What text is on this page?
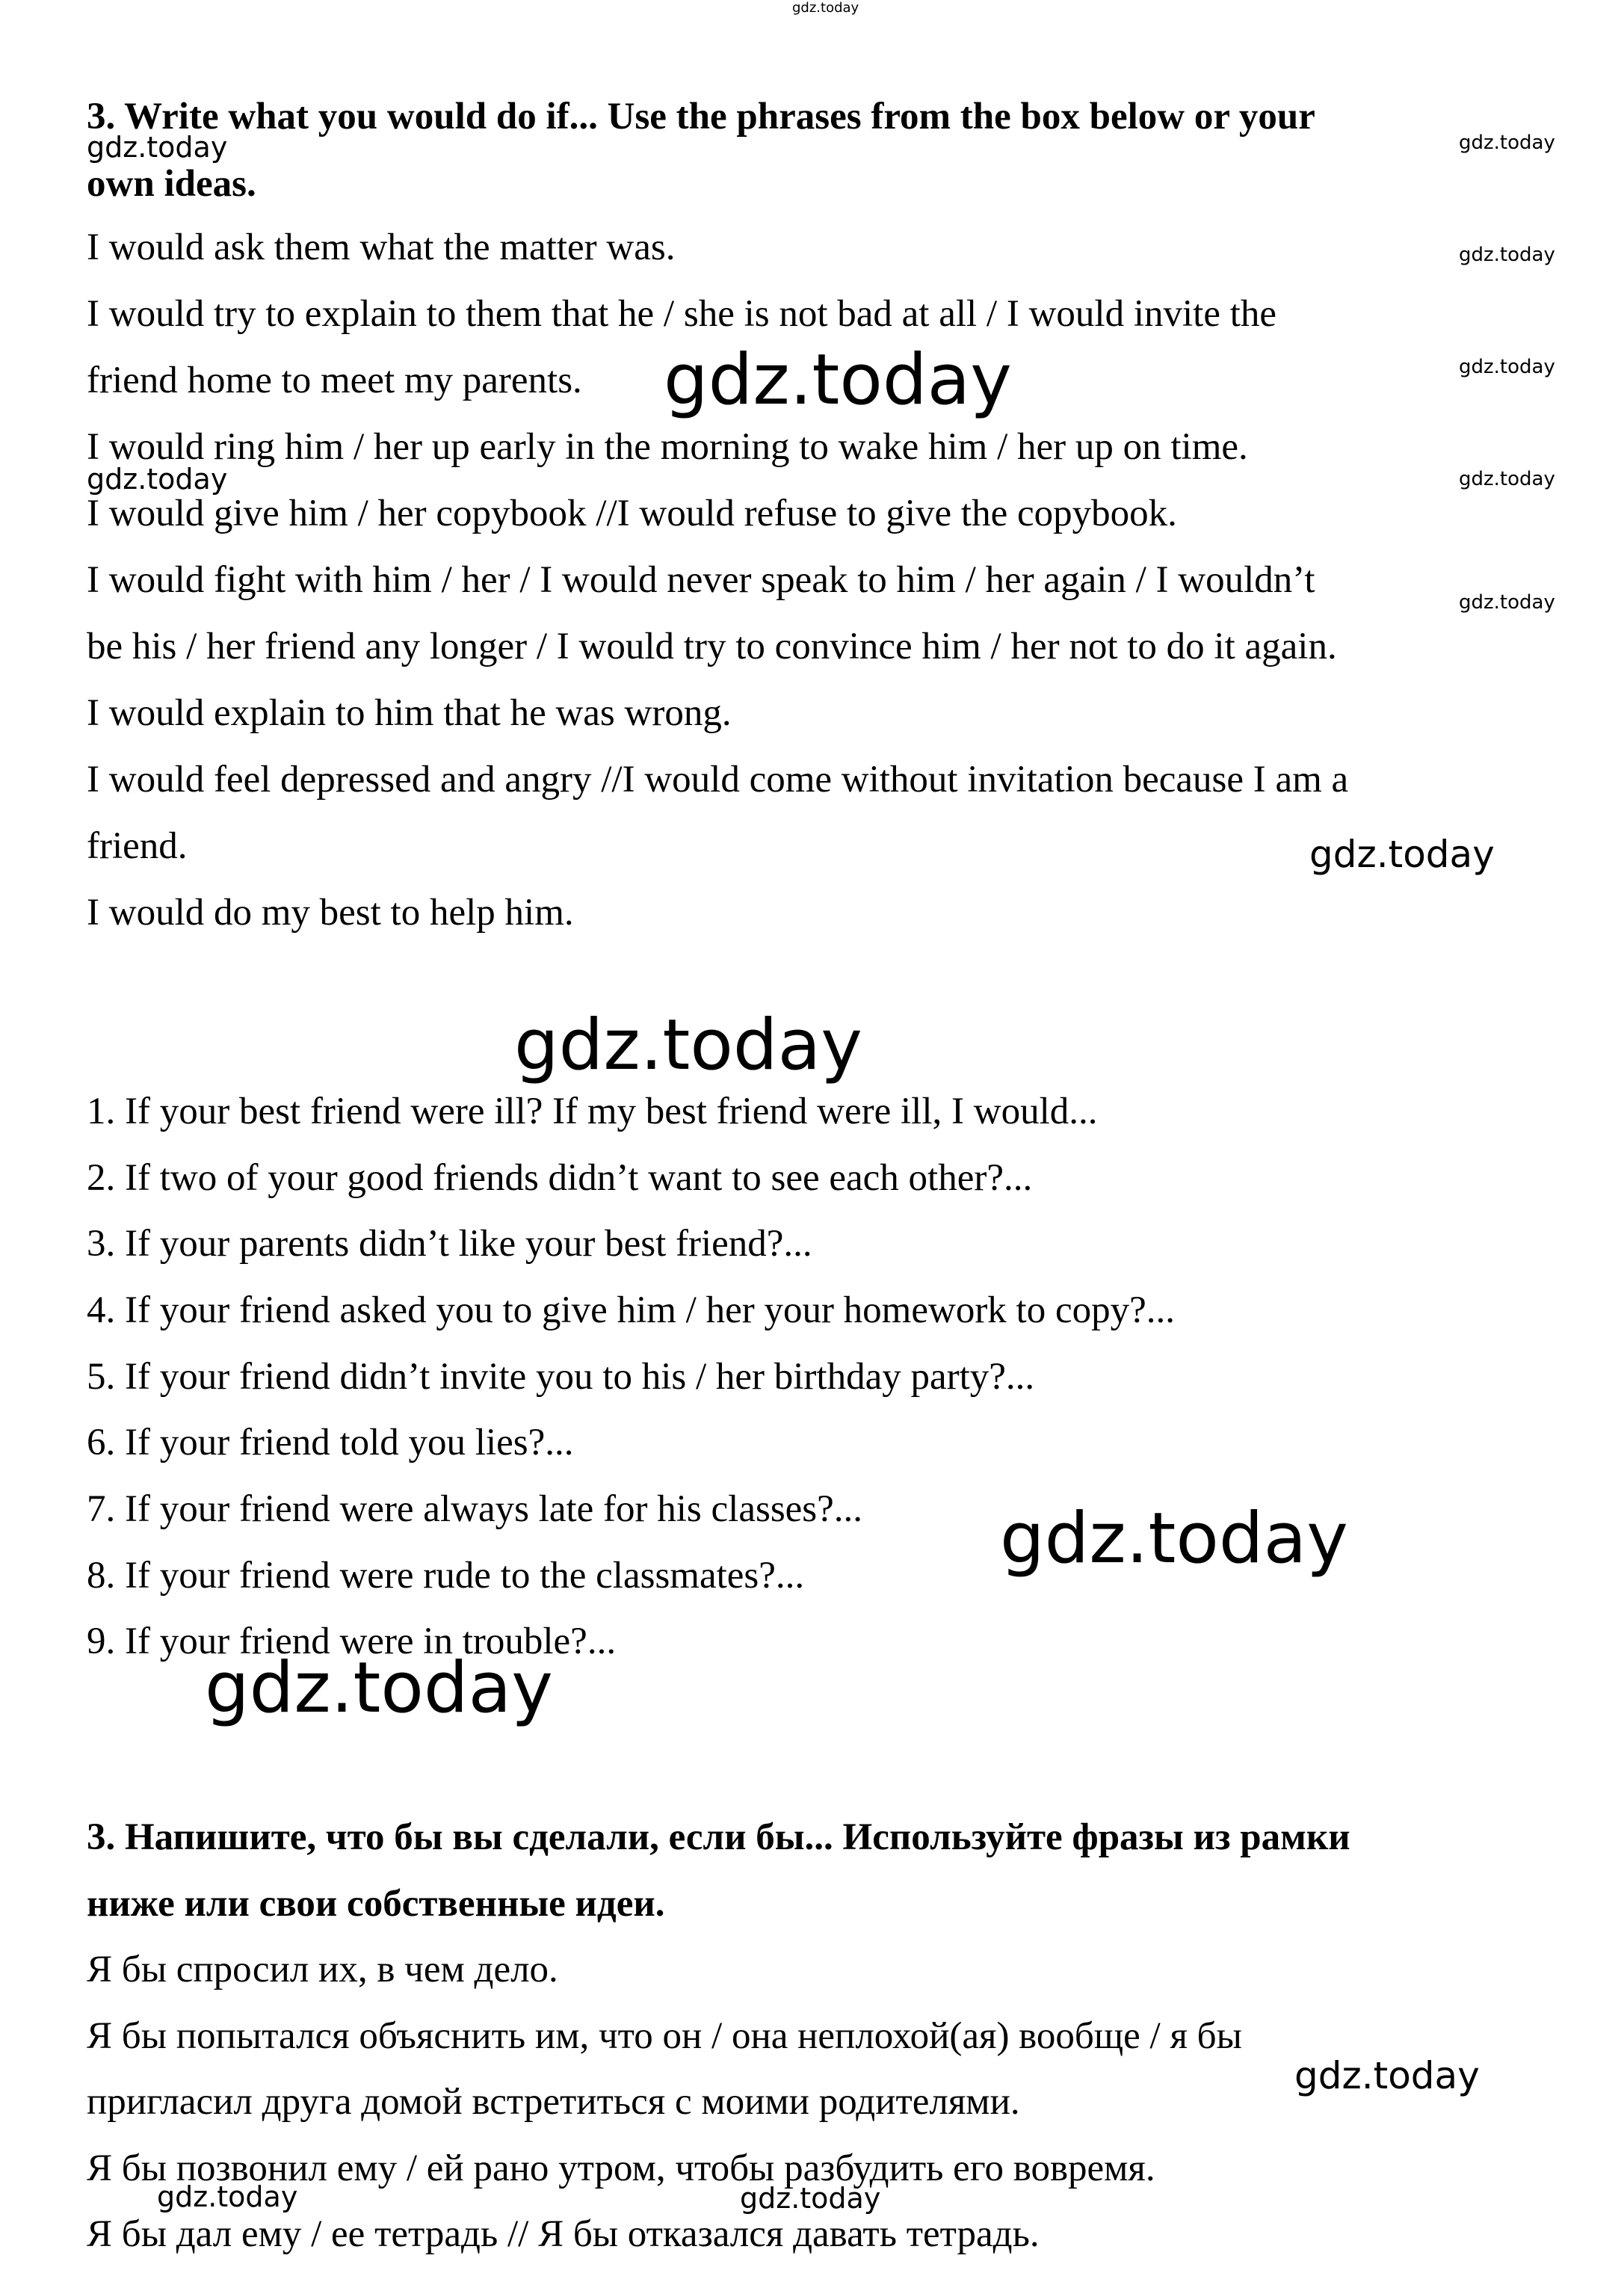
gdz.today
gdz.today	gdz.today
gdz.today
gdz.today
gdz.today
gdz.today	gdz.today
gdz.today
gdz.today
gdz.today
gdz.today
gdz.today
gdz.today
gdz.today	gdz.today
3. Write what you would do if... Use the phrases from the box below or your
own ideas.
I would ask them what the matter was.
I would try to explain to them that he / she is not bad at all / I would invite the
friend home to meet my parents.
I would ring him / her up early in the morning to wake him / her up on time.
I would give him / her copybook //I would refuse to give the copybook.
I would fight with him / her / I would never speak to him / her again / I wouldn’t
be his / her friend any longer / I would try to convince him / her not to do it again.
I would explain to him that he was wrong.
I would feel depressed and angry //I would come without invitation because I am a
friend.
I would do my best to help him.
1. If your best friend were ill? If my best friend were ill, I would...
2. If two of your good friends didn’t want to see each other?...
3. If your parents didn’t like your best friend?...
4. If your friend asked you to give him / her your homework to copy?...
5. If your friend didn’t invite you to his / her birthday party?...
6. If your friend told you lies?...
7. If your friend were always late for his classes?...
8. If your friend were rude to the classmates?...
9. If your friend were in trouble?...
3. Напишите, что бы вы сделали, если бы... Используйте фразы из рамки
ниже или свои собственные идеи.
Я бы спросил их, в чем дело.
Я бы попытался объяснить им, что он / она неплохой(ая) вообще / я бы
пригласил друга домой встретиться с моими родителями.
Я бы позвонил ему / ей рано утром, чтобы разбудить его вовремя.
Я бы дал ему / ее тетрадь // Я бы отказался давать тетрадь.
